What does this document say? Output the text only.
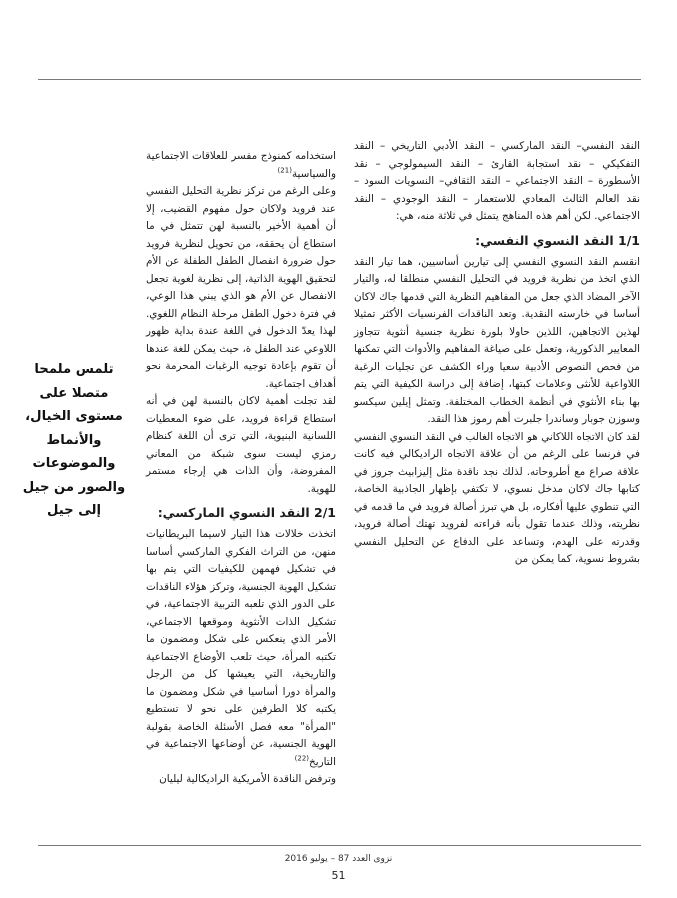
النقد النفسي– النقد الماركسي – النقد الأدبي التاريخي – النقد التفكيكي – نقد استجابة القارئ – النقد السيمولوجي – نقد الأسطورة – النقد الاجتماعي – النقد الثقافي– النسويات السود – نقد العالم الثالث المعادي للاستعمار – النقد الوجودي – النقد الاجتماعي. لكن أهم هذه المناهج يتمثل في ثلاثة منه، هي:

1/1 النقد النسوي النفسي:

انقسم النقد النسوي النفسي إلى تيارين أساسيين، هما تيار النقد الذي اتخذ من نظرية فرويد في التحليل النفسي منطلقا له، والتيار الآخر المضاد الذي جعل من المفاهيم النظرية التي قدمها جاك لاكان أساسا في خارسته النقدية. وتعد الناقدات الفرنسيات الأكثر تمثيلا لهذين الاتجاهين، اللذين حاولا بلورة نظرية جنسية أنثوية تتجاوز المعايير الذكورية، وتعمل على صياغة المفاهيم والأدوات التي تمكنها من فحص النصوص الأدبية سعيا وراء الكشف عن تجليات الرغبة اللاواعية للأنثى وعلامات كبتها، إضافة إلى دراسة الكيفية التي يتم بها بناء الأنثوي في أنظمة الخطاب المختلفة. وتمثل إيلين سيكسو وسوزن جوبار وساندرا جلبرت أهم رموز هذا النقد.

لقد كان الاتجاه اللاكاني هو الاتجاه الغالب في النقد النسوي النفسي في فرنسا على الرغم من أن علاقة الاتجاه الراديكالي فيه كانت علاقة صراع مع أطروحاته. لذلك نجد ناقدة مثل إليزابيث جروز في كتابها جاك لاكان مدخل نسوي، لا تكتفي بإظهار الجاذبية الخاصة، التي تنطوي عليها أفكاره، بل هي تبرز أصالة فرويد في ما قدمه في نظريته، وذلك عندما تقول بأنه قراءته لفرويد تهتك أصالة فرويد، وقدرته على الهدم، وتساعد على الدفاع عن التحليل النفسي بشروط نسوية، كما يمكن من

استخدامه كمنوذج مفسر للعلاقات الاجتماعية والسياسية$^{(21)}$

وعلى الرغم من تركز نظرية التحليل النفسي عند فرويد ولاكان حول مفهوم القضيب، إلا أن أهمية الأخير بالنسبة لهن تتمثل في ما استطاع أن يحققه، من تحويل لنظرية فرويد حول ضرورة انفصال الطفل الطفلة عن الأم لتحقيق الهوية الذاتية، إلى نظرية لغوية تجعل الانفصال عن الأم هو الذي يبني هذا الوعي، في فترة دخول الطفل مرحلة النظام اللغوي. لهذا يعدّ الدخول في اللغة عندة بداية ظهور اللاوعي عند الطفل ة، حيث يمكن للغة عندها أن تقوم بإعادة توجيه الرغبات المحرمة نحو أهداف اجتماعية.

لقد تجلت أهمية لاكان بالنسبة لهن في أنه استطاع قراءة فرويد، على ضوء المعطيات اللسانية البنيوية، التي ترى أن اللغة كنظام رمزي ليست سوى شبكة من المعاني المفروضة، وأن الذات هي إرجاء مستمر للهوية.

2/1 النقد النسوي الماركسي:

اتخذت خلالات هذا التيار لاسيما البريطانيات منهن، من التراث الفكري الماركسي أساسا في تشكيل فهمهن للكيفيات التي يتم بها تشكيل الهوية الجنسية، وتركز هؤلاء الناقدات على الدور الذي تلعبه التربية الاجتماعية، في تشكيل الذات الأنثوية وموقعها الاجتماعي، الأمر الذي ينعكس على شكل ومضمون ما تكتبه المرأة، حيث تلعب الأوضاع الاجتماعية والتاريخية، التي يعيشها كل من الرجل والمرأة دورا أساسيا في شكل ومضمون ما يكتبه كلا الطرفين على نحو لا تستطيع "المرأة" معه فصل الأسئلة الخاصة بقولبة الهوية الجنسية، عن أوضاعها الاجتماعية في التاريخ$^{(22)}$

وترفض الناقدة الأمريكية الراديكالية ليليان

تلمس ملمحا متصلا على مستوى الخيال، والأنماط والموضوعات والصور من جيل إلى جيل
نزوى العدد 87 – يوليو 2016
51
